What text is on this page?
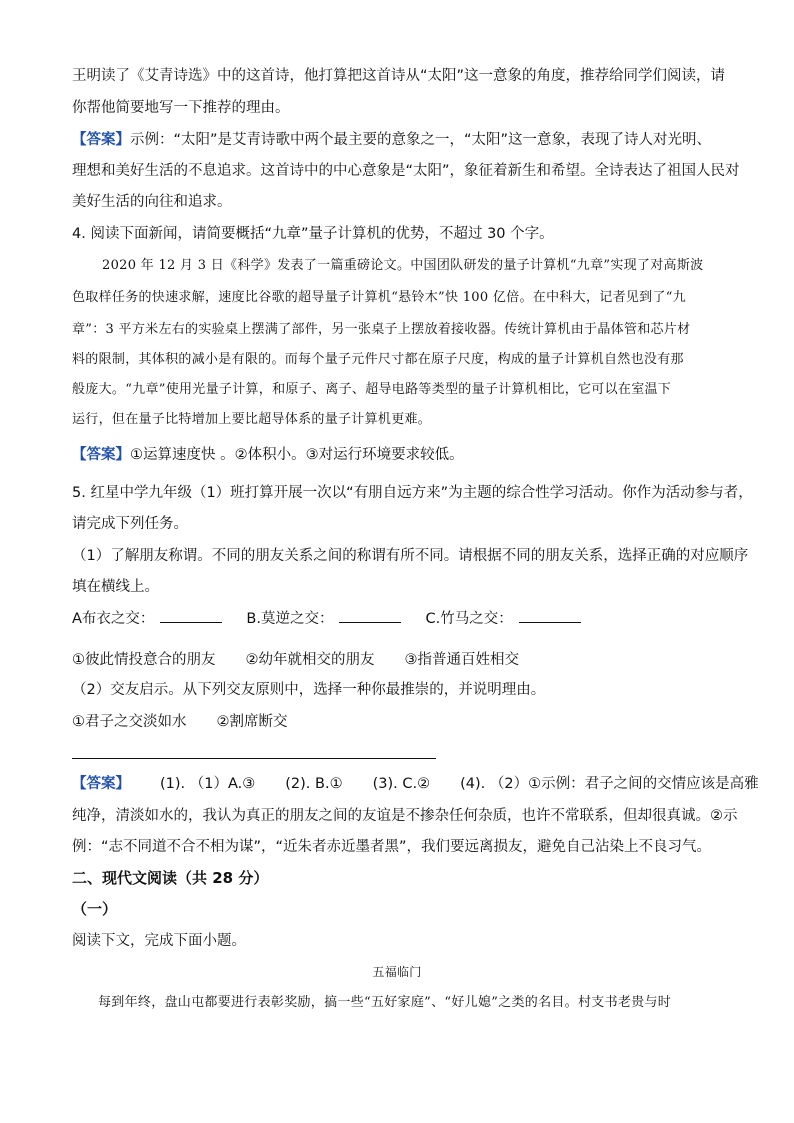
王明读了《艾青诗选》中的这首诗，他打算把这首诗从“太阳”这一意象的角度，推荐给同学们阅读，请
你帮他简要地写一下推荐的理由。
【答案】示例：“太阳”是艾青诗歌中两个最主要的意象之一，“太阳”这一意象，表现了诗人对光明、
理想和美好生活的不息追求。这首诗中的中心意象是“太阳”，象征着新生和希望。全诗表达了祖国人民对
美好生活的向往和追求。
4. 阅读下面新闻，请简要概括“九章”量子计算机的优势，不超过 30 个字。
2020 年 12 月 3 日《科学》发表了一篇重磅论文。中国团队研发的量子计算机“九章”实现了对高斯波
色取样任务的快速求解，速度比谷歌的超导量子计算机“悬铃木”快 100 亿倍。在中科大，记者见到了“九
章”：3 平方米左右的实验桌上摆满了部件，另一张桌子上摆放着接收器。传统计算机由于晶体管和芯片材
料的限制，其体积的减小是有限的。而每个量子元件尺寸都在原子尺度，构成的量子计算机自然也没有那
般庞大。“九章”使用光量子计算，和原子、离子、超导电路等类型的量子计算机相比，它可以在室温下
运行，但在量子比特增加上要比超导体系的量子计算机更难。
【答案】①运算速度快 。②体积小。③对运行环境要求较低。
5. 红星中学九年级（1）班打算开展一次以“有朋自远方来”为主题的综合性学习活动。你作为活动参与者，
请完成下列任务。
（1）了解朋友称谓。不同的朋友关系之间的称谓有所不同。请根据不同的朋友关系，选择正确的对应顺序
填在横线上。
A布衣之交：	B.莫逆之交：	C.竹马之交：
①彼此情投意合的朋友 ②幼年就相交的朋友 ③指普通百姓相交
（2）交友启示。从下列交友原则中，选择一种你最推崇的，并说明理由。
①君子之交淡如水 ②割席断交
【答案】 (1). （1）A.③ (2). B.① (3). C.② (4). （2）①示例：君子之间的交情应该是高雅
纯净，清淡如水的，我认为真正的朋友之间的友谊是不掺杂任何杂质，也许不常联系，但却很真诚。②示
例：“志不同道不合不相为谋”，“近朱者赤近墨者黑”，我们要远离损友，避免自己沾染上不良习气。
二、现代文阅读（共 28 分）
（一）
阅读下文，完成下面小题。
五福临门
每到年终，盘山屯都要进行表彰奖励，搞一些“五好家庭”、“好儿媳”之类的名目。村支书老贵与时
